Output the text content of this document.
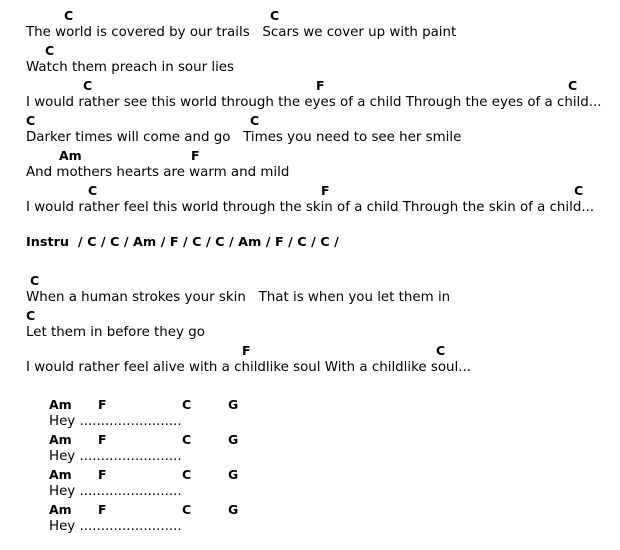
C	C
The world is covered by our trails   Scars we cover up with paint
C
Watch them preach in sour lies
C	F	C
I would rather see this world through the eyes of a child Through the eyes of a child...
C	C
Darker times will come and go   Times you need to see her smile
Am	F
And mothers hearts are warm and mild
C	F	C
I would rather feel this world through the skin of a child Through the skin of a child...
Instru  / C / C / Am / F / C / C / Am / F / C / C /
C
When a human strokes your skin   That is when you let them in
C
Let them in before they go
F	C
I would rather feel alive with a childlike soul With a childlike soul...
Am F	C	G
Hey ........................
Am F	C	G
Hey ........................
Am F	C	G
Hey ........................
Am F	C	G
Hey ........................
